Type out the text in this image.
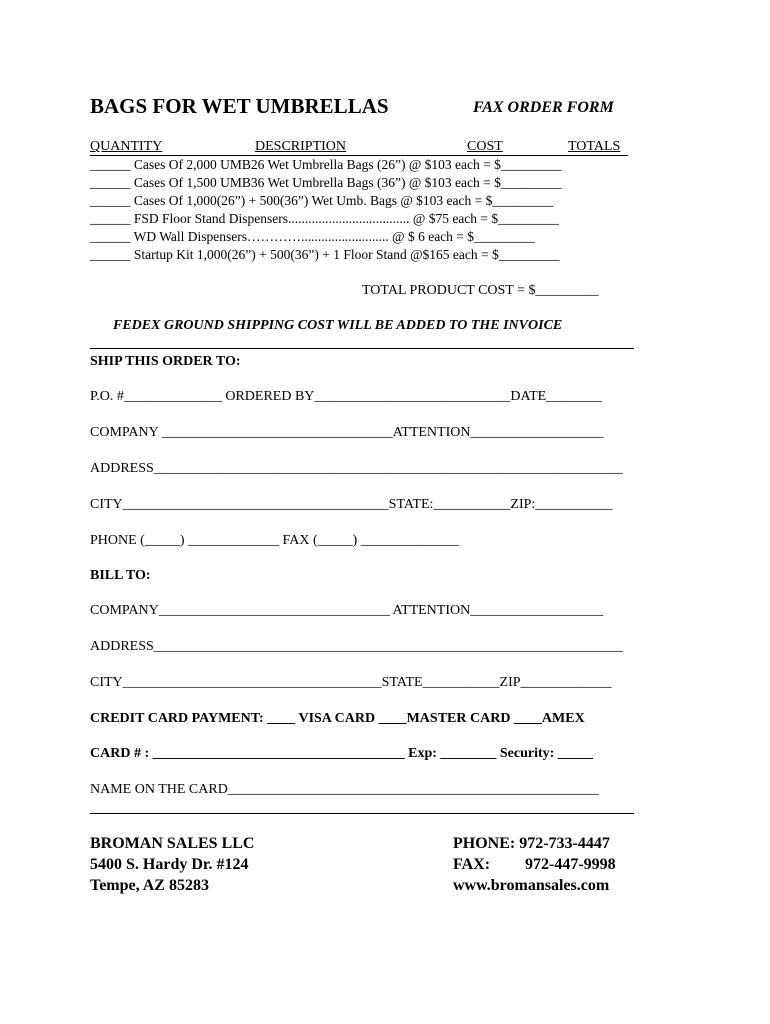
BAGS FOR WET UMBRELLAS	FAX ORDER FORM
QUANTITY	DESCRIPTION	COST	TOTALS
______ Cases Of 2,000 UMB26 Wet Umbrella Bags (26”) @ $103 each = $_________
______ Cases Of 1,500 UMB36 Wet Umbrella Bags (36”) @ $103 each = $_________
______ Cases Of 1,000(26”) + 500(36”) Wet Umb. Bags @ $103 each = $_________
______ FSD Floor Stand Dispensers.................................... @ $75 each = $_________
______ WD Wall Dispensers………….......................... @ $ 6 each = $_________
______ Startup Kit 1,000(26”) + 500(36”) + 1 Floor Stand @$165 each = $_________
TOTAL PRODUCT COST = $_________
FEDEX GROUND SHIPPING COST WILL BE ADDED TO THE INVOICE
SHIP THIS ORDER TO:
P.O. #______________ ORDERED BY____________________________DATE________
COMPANY _________________________________ATTENTION___________________
ADDRESS___________________________________________________________________
CITY______________________________________STATE:___________ZIP:___________
PHONE (_____) _____________ FAX (_____) ______________
BILL TO:
COMPANY_________________________________ ATTENTION___________________
ADDRESS___________________________________________________________________
CITY_____________________________________STATE___________ZIP_____________
CREDIT CARD PAYMENT: ____ VISA CARD ____MASTER CARD ____AMEX
CARD # : ____________________________________ Exp: ________ Security: _____
NAME ON THE CARD_____________________________________________________
BROMAN SALES LLC
5400 S. Hardy Dr. #124
Tempe, AZ 85283
PHONE: 972-733-4447
FAX: 972-447-9998
www.bromansales.com
